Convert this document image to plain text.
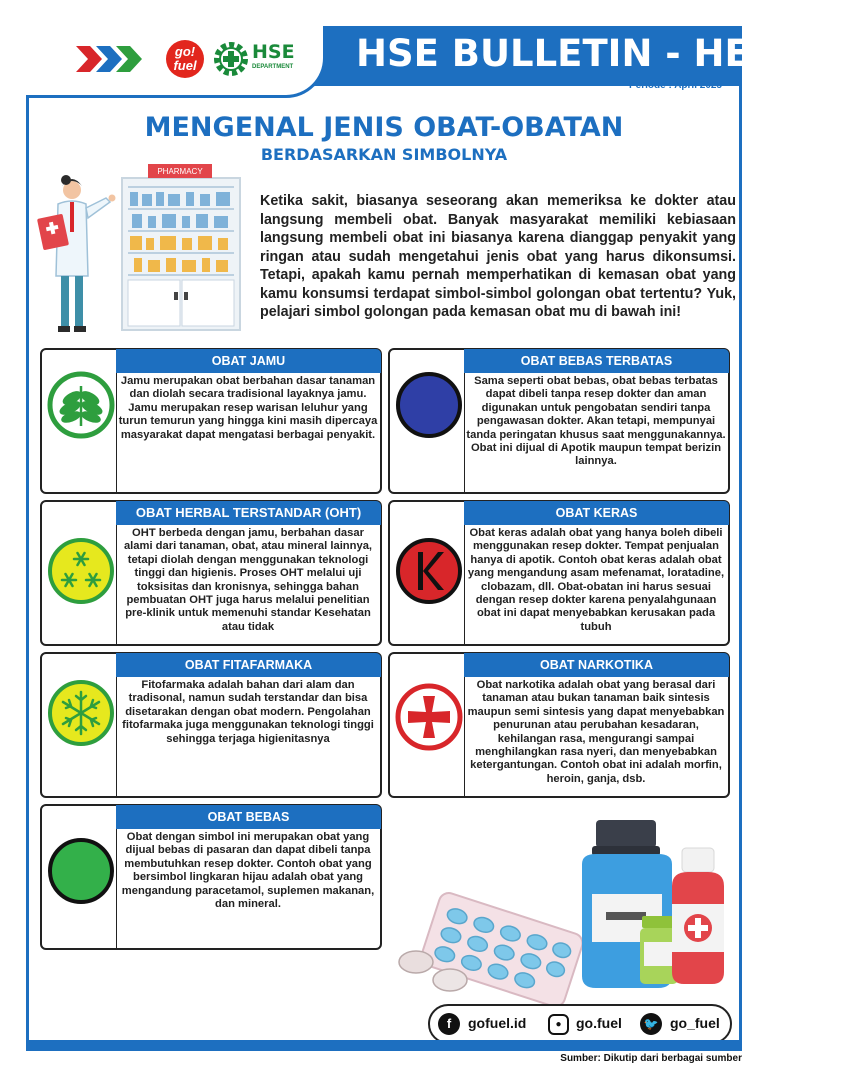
HSE BULLETIN - HEALTH
go! fuel
HSE
DEPARTMENT
Periode : April 2025
MENGENAL JENIS OBAT-OBATAN
BERDASARKAN SIMBOLNYA
PHARMACY
Ketika sakit, biasanya seseorang akan memeriksa ke dokter atau langsung membeli obat. Banyak masyarakat memiliki kebiasaan langsung membeli obat ini biasanya karena dianggap penyakit yang ringan atau sudah mengetahui jenis obat yang harus dikonsumsi. Tetapi, apakah kamu pernah memperhatikan di kemasan obat yang kamu konsumsi terdapat simbol-simbol golongan obat tertentu? Yuk, pelajari simbol golongan pada kemasan obat mu di bawah ini!
OBAT JAMU
Jamu merupakan obat berbahan dasar tanaman dan diolah secara tradisional layaknya jamu. Jamu merupakan resep warisan leluhur yang turun temurun yang hingga kini masih dipercaya masyarakat dapat mengatasi berbagai penyakit.
OBAT BEBAS TERBATAS
Sama seperti obat bebas, obat bebas terbatas dapat dibeli tanpa resep dokter dan aman digunakan untuk pengobatan sendiri tanpa pengawasan dokter. Akan tetapi, mempunyai tanda peringatan khusus saat menggunakannya. Obat ini dijual di Apotik maupun tempat berizin lainnya.
OBAT HERBAL TERSTANDAR (OHT)
OHT berbeda dengan jamu, berbahan dasar alami dari tanaman, obat, atau mineral lainnya, tetapi diolah dengan menggunakan teknologi tinggi dan higienis. Proses OHT melalui uji toksisitas dan kronisnya, sehingga bahan pembuatan OHT juga harus melalui penelitian pre-klinik untuk memenuhi standar Kesehatan atau tidak
OBAT KERAS
Obat keras adalah obat yang hanya boleh dibeli menggunakan resep dokter. Tempat penjualan hanya di apotik. Contoh obat keras adalah obat yang mengandung asam mefenamat, loratadine, clobazam, dll. Obat-obatan ini harus sesuai dengan resep dokter karena penyalahgunaan obat ini dapat menyebabkan kerusakan pada tubuh
OBAT FITAFARMAKA
Fitofarmaka adalah bahan dari alam dan tradisonal, namun sudah terstandar dan bisa disetarakan dengan obat modern. Pengolahan fitofarmaka juga menggunakan teknologi tinggi sehingga terjaga higienitasnya
OBAT NARKOTIKA
Obat narkotika adalah obat yang berasal dari tanaman atau bukan tanaman baik sintesis maupun semi sintesis yang dapat menyebabkan penurunan atau perubahan kesadaran, kehilangan rasa, mengurangi sampai menghilangkan rasa nyeri, dan menyebabkan ketergantungan. Contoh obat ini adalah morfin, heroin, ganja, dsb.
OBAT BEBAS
Obat dengan simbol ini merupakan obat yang dijual bebas di pasaran dan dapat dibeli tanpa membutuhkan resep dokter. Contoh obat yang bersimbol lingkaran hijau adalah obat yang mengandung paracetamol, suplemen makanan, dan mineral.
f	gofuel.id	●	go.fuel 🐦 go_fuel
Sumber: Dikutip dari berbagai sumber
